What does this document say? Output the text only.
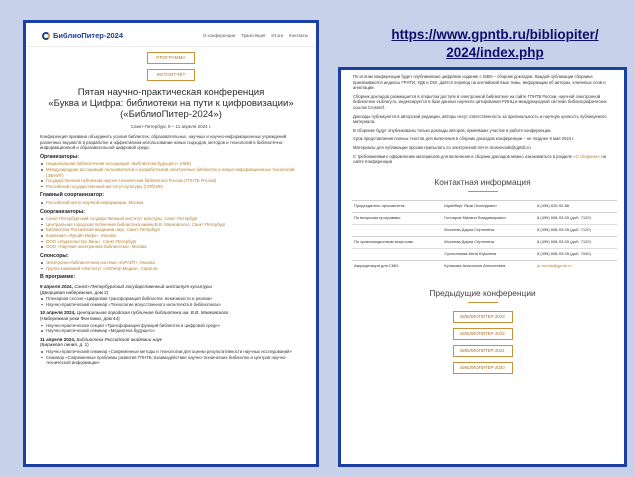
https://www.gpntb.ru/bibliopiter/
2024/index.php
БиблиоПитер-2024	О конференции Трансляция Итоги Контакты
ПРОГРАММА
ФОТООТЧЁТ
Пятая научно-практическая конференция
«Буква и Цифра: библиотеки на пути к цифровизации»
(«БиблиоПитер-2024»)
Санкт-Петербург, 9 – 11 апреля 2024 г.
Конференция призвана объединить усилия библиотек, образовательных, научных и научно-информационных учреждений различных ведомств в разработке и эффективном использовании новых подходов, методов и технологий в библиотечно-информационной и образовательной цифровой среде.
Организаторы:
Национальная библиотечная ассоциация «Библиотеки будущего» (НББ)
Международная ассоциация пользователей и разработчиков электронных библиотек и новых информационных технологий (ЭБНИТ)
Государственная публичная научно-техническая библиотека России (ГПНТБ России)
Российский государственный институт культуры (СПбГИК)
Главный соорганизатор:
Российский центр научной информации, Москва
Соорганизаторы:
Санкт-Петербургский государственный институт культуры, Санкт-Петербург
Центральная городская публичная библиотека имени В.В. Маяковского, Санкт-Петербург
Библиотека Российской академии наук, Санкт-Петербург
Компания «Лукойл-Инфо», Москва
ООО «Издательство Лань», Санкт-Петербург
ООО «Научная электронная библиотека», Москва
Спонсоры:
Электронно-библиотечная система «ЮРАЙТ», Москва
Группа компаний «Институт «АйПиЭр Медиа», Саратов
В программе:
9 апреля 2024, Санкт-Петербургский государственный институт культуры
(Дворцовая набережная, дом 2)
Пленарная сессия «Цифровая трансформация библиотек: возможности и реалии»
Научно-практический семинар «Технологии искусственного интеллекта в библиотеках»
10 апреля 2024, Центральная городская публичная библиотека им. В.В. Маяковского
(Набережная реки Фонтанки, дом 44)
Научно-практическая секция «Трансформация функций библиотек в цифровой среде»
Научно-практический семинар «Медиатека будущего»
11 апреля 2024, Библиотека Российской академии наук
(Биржевая линия, д. 1)
Научно-практический семинар «Современные методы и технологии для оценки результативности научных исследований»
Семинар «Современные проблемы развития ГПНТБ: взаимодействие научно-технических библиотек и центров научно-технической информации»

По итогам конференции будет опубликовано цифровое издание с ISBN – сборник докладов. Каждой публикации сборника присваиваются индексы ГРНТИ, УДК и DOI, даётся перевод на английский язык темы, информации об авторах, ключевых слов и аннотации.

Сборник докладов размещается в открытом доступе в электронной библиотеке на сайте ГПНТБ России, научной электронной библиотеке eLibrary.ru, индексируется в базе данных научного цитирования РИНЦ и международной системе библиографических ссылок Crossref.

Доклады публикуются в авторской редакции, авторы несут ответственность за оригинальность и научную ценность публикуемого материала.

В сборнике будут опубликованы только доклады авторов, принявших участие в работе конференции.

Срок представления полных текстов для включения в сборник докладов конференции – не позднее 6 мая 2024 г.

Материалы для публикации просим присылать по электронной почте moseevads@gpntb.ru

С требованиями к оформлению материалов для включения в сборник докладов можно ознакомиться в разделе «О сборнике» на сайте Конференции

Контактная информация
Председатель оргкомитета:	Шрайберг Яков Леонидович	8 (495) 625-92-88
По вопросам программы:	Гончаров Михаил Владимирович	8 (495) 698-93-05 (доб. 7120)
	Мосеева Дарья Сергеевна	8 (495) 698-93-05 (доб. 7120)
По организационным вопросам:	Мосеева Дарья Сергеевна	8 (495) 698-93-05 (доб. 7120)
	Сухоплюева Анна Юрьевна	8 (495) 698-93-05 (доб. 7040)
Аккредитация для СМИ:	Куликова Анастасия Алексеевна	pr-media@gpntb.ru
Предыдущие конференции
БИБЛИОПИТЕР-2023
БИБЛИОПИТЕР-2022
БИБЛИОПИТЕР-2021
БИБЛИОПИТЕР-2020
